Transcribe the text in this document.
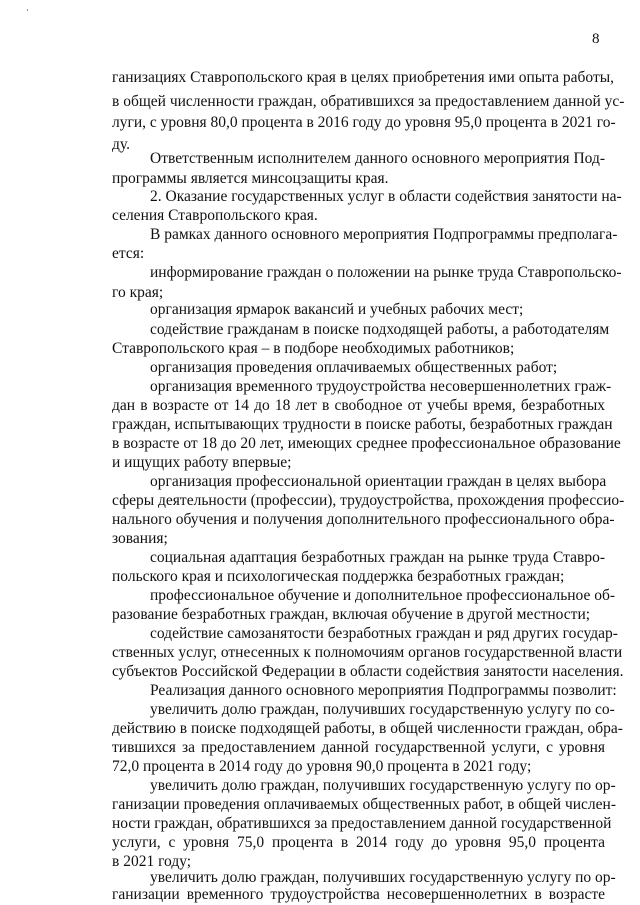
8
ганизациях Ставропольского края в целях приобретения ими опыта работы,
в общей численности граждан, обратившихся за предоставлением данной ус-
луги, с уровня 80,0 процента в 2016 году до уровня 95,0 процента в 2021 го-
ду.
Ответственным исполнителем данного основного мероприятия Под-
программы является минсоцзащиты края.
2. Оказание государственных услуг в области содействия занятости на-
селения Ставропольского края.
В рамках данного основного мероприятия Подпрограммы предполага-
ется:
информирование граждан о положении на рынке труда Ставропольско-
го края;
организация ярмарок вакансий и учебных рабочих мест;
содействие гражданам в поиске подходящей работы, а работодателям
Ставропольского края – в подборе необходимых работников;
организация проведения оплачиваемых общественных работ;
организация временного трудоустройства несовершеннолетних граж-
дан в возрасте от 14 до 18 лет в свободное от учебы время, безработных
граждан, испытывающих трудности в поиске работы, безработных граждан
в возрасте от 18 до 20 лет, имеющих среднее профессиональное образование
и ищущих работу впервые;
организация профессиональной ориентации граждан в целях выбора
сферы деятельности (профессии), трудоустройства, прохождения профессио-
нального обучения и получения дополнительного профессионального обра-
зования;
социальная адаптация безработных граждан на рынке труда Ставро-
польского края и психологическая поддержка безработных граждан;
профессиональное обучение и дополнительное профессиональное об-
разование безработных граждан, включая обучение в другой местности;
содействие самозанятости безработных граждан и ряд других государ-
ственных услуг, отнесенных к полномочиям органов государственной власти
субъектов Российской Федерации в области содействия занятости населения.
Реализация данного основного мероприятия Подпрограммы позволит:
увеличить долю граждан, получивших государственную услугу по со-
действию в поиске подходящей работы, в общей численности граждан, обра-
тившихся за предоставлением данной государственной услуги, с уровня
72,0 процента в 2014 году до уровня 90,0 процента в 2021 году;
увеличить долю граждан, получивших государственную услугу по ор-
ганизации проведения оплачиваемых общественных работ, в общей числен-
ности граждан, обратившихся за предоставлением данной государственной
услуги, с уровня 75,0 процента в 2014 году до уровня 95,0 процента
в 2021 году;
увеличить долю граждан, получивших государственную услугу по ор-
ганизации временного трудоустройства несовершеннолетних в возрасте
